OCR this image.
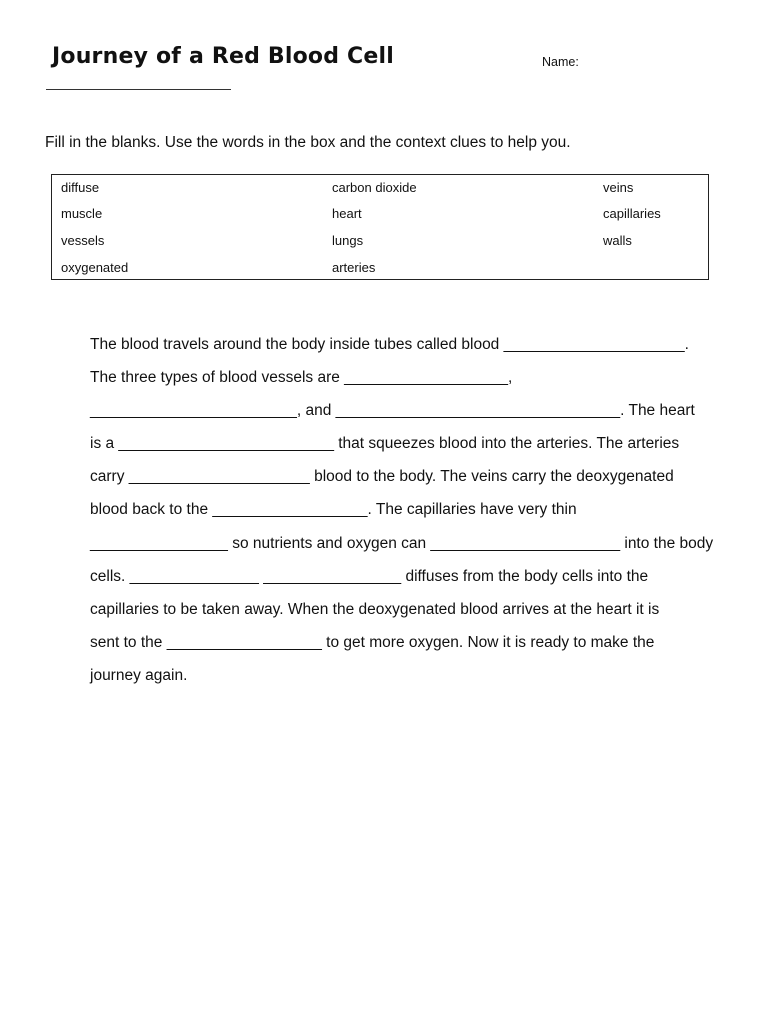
Journey of a Red Blood Cell	Name:
Fill in the blanks. Use the words in the box and the context clues to help you.
diffuse
muscle
vessels
oxygenated
carbon dioxide
heart
lungs
arteries
veins
capillaries
walls
The blood travels around the body inside tubes called blood _____________________.
The three types of blood vessels are ___________________,
________________________, and _________________________________. The heart
is a _________________________ that squeezes blood into the arteries. The arteries
carry _____________________ blood to the body. The veins carry the deoxygenated
blood back to the __________________. The capillaries have very thin
________________ so nutrients and oxygen can ______________________ into the body
cells. _______________ ________________ diffuses from the body cells into the
capillaries to be taken away. When the deoxygenated blood arrives at the heart it is
sent to the __________________ to get more oxygen. Now it is ready to make the
journey again.
